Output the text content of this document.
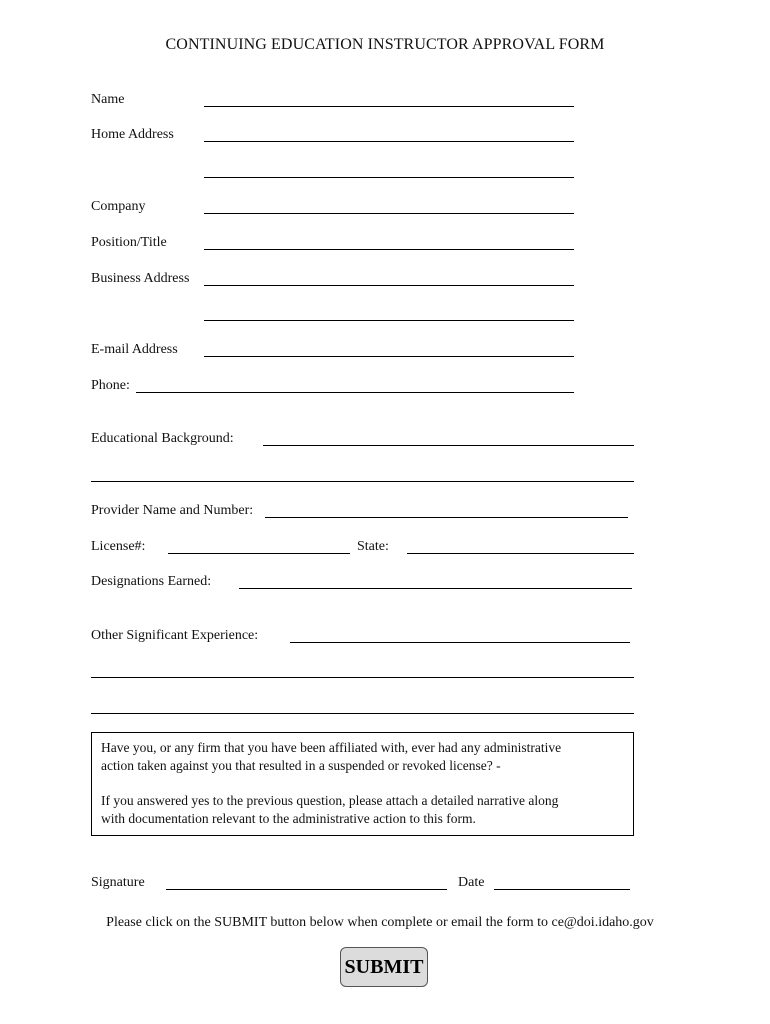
CONTINUING EDUCATION INSTRUCTOR APPROVAL FORM
Name
Home Address
Company
Position/Title
Business Address
E-mail Address
Phone:
Educational Background:
Provider Name and Number:
License#:	State:
Designations Earned:
Other Significant Experience:

Have you, or any firm that you have been affiliated with, ever had any administrative

action taken against you that resulted in a suspended or revoked license? -

If you answered yes to the previous question, please attach a detailed narrative along

with documentation relevant to the administrative action to this form.

Signature	Date
Please click on the SUBMIT button below when complete or email the form to ce@doi.idaho.gov
SUBMIT
